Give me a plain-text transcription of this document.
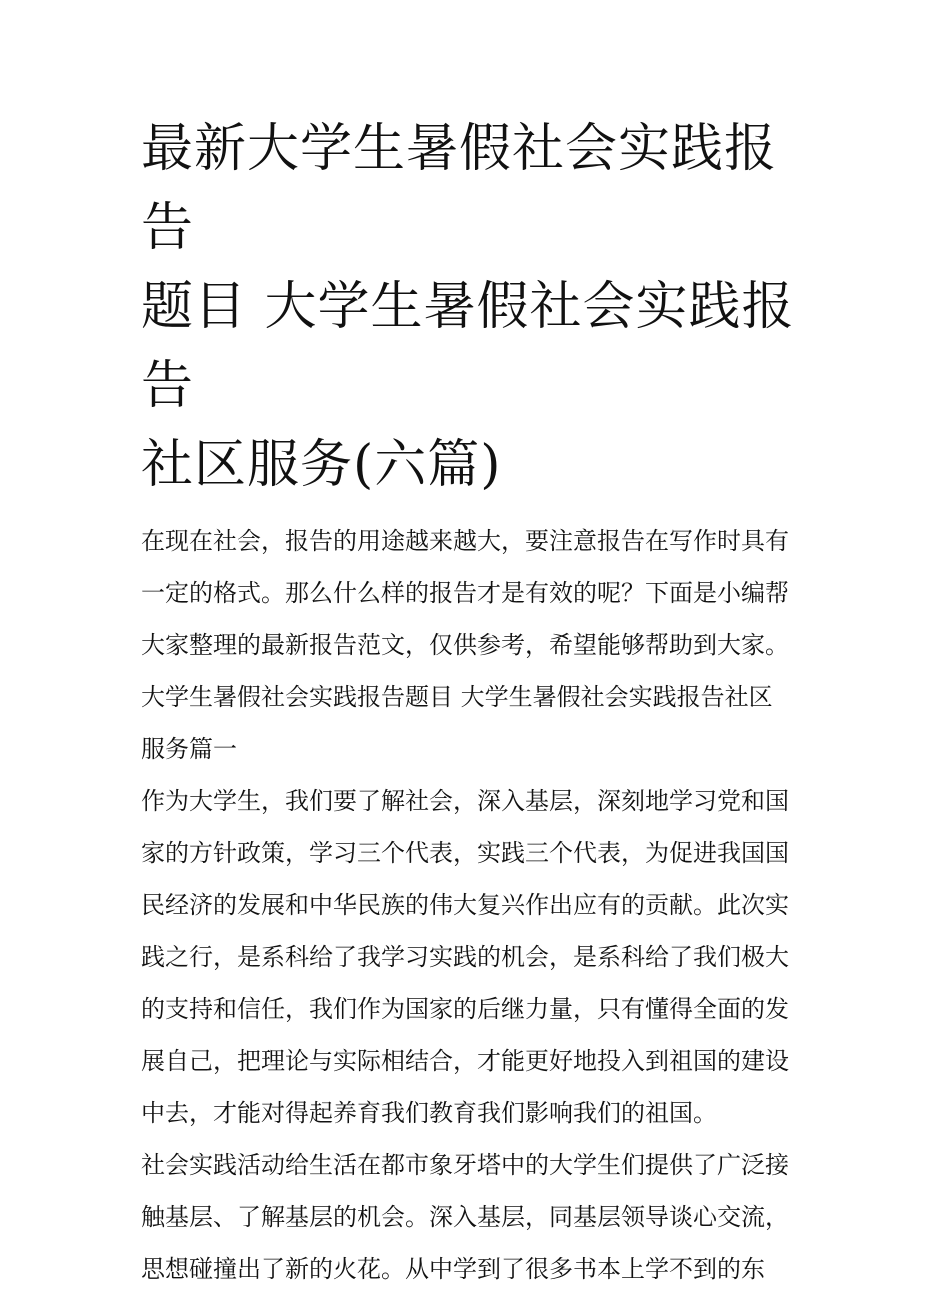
最新大学生暑假社会实践报告
题目 大学生暑假社会实践报告
社区服务(六篇)

在现在社会，报告的用途越来越大，要注意报告在写作时具有
一定的格式。那么什么样的报告才是有效的呢？下面是小编帮
大家整理的最新报告范文，仅供参考，希望能够帮助到大家。

大学生暑假社会实践报告题目 大学生暑假社会实践报告社区
服务篇一

作为大学生，我们要了解社会，深入基层，深刻地学习党和国
家的方针政策，学习三个代表，实践三个代表，为促进我国国
民经济的发展和中华民族的伟大复兴作出应有的贡献。此次实
践之行，是系科给了我学习实践的机会，是系科给了我们极大
的支持和信任，我们作为国家的后继力量，只有懂得全面的发
展自己，把理论与实际相结合，才能更好地投入到祖国的建设
中去，才能对得起养育我们教育我们影响我们的祖国。

社会实践活动给生活在都市象牙塔中的大学生们提供了广泛接
触基层、了解基层的机会。深入基层，同基层领导谈心交流，
思想碰撞出了新的火花。从中学到了很多书本上学不到的东
